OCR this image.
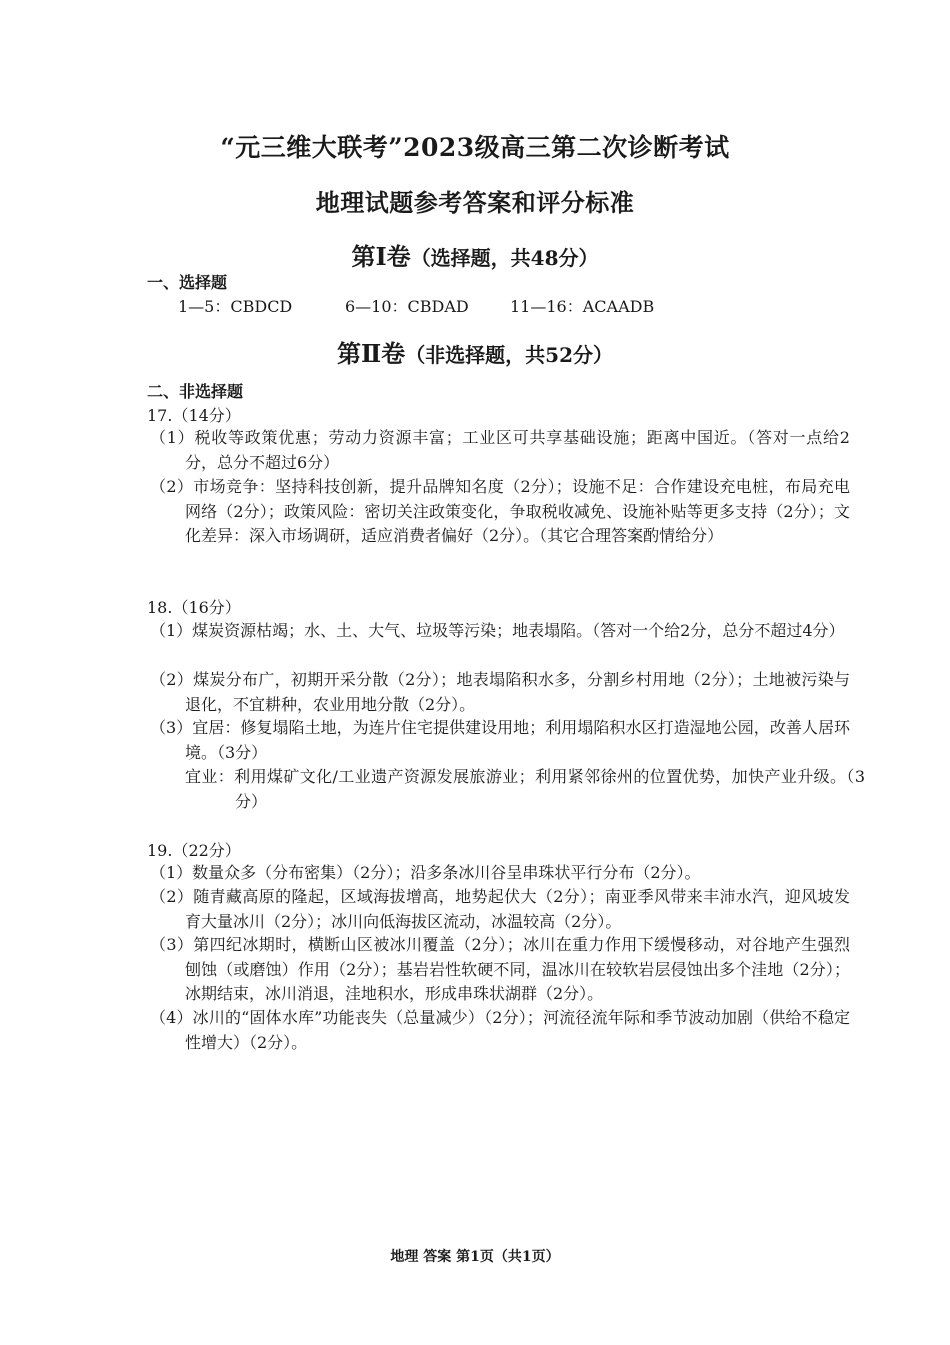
“元三维大联考”2023级高三第二次诊断考试
地理试题参考答案和评分标准
第Ⅰ卷（选择题，共48分）
一、选择题
1—5：CBDCD	6—10：CBDAD	11—16：ACAADB
第Ⅱ卷（非选择题，共52分）
二、非选择题
17.（14分）
（1）税收等政策优惠；劳动力资源丰富；工业区可共享基础设施；距离中国近。（答对一点给2分，总分不超过6分）
（2）市场竞争：坚持科技创新，提升品牌知名度（2分）；设施不足：合作建设充电桩，布局充电网络（2分）；政策风险：密切关注政策变化，争取税收减免、设施补贴等更多支持（2分）；文化差异：深入市场调研，适应消费者偏好（2分）。（其它合理答案酌情给分）
18.（16分）
（1）煤炭资源枯竭；水、土、大气、垃圾等污染；地表塌陷。（答对一个给2分，总分不超过4分）
（2）煤炭分布广，初期开采分散（2分）；地表塌陷积水多，分割乡村用地（2分）；土地被污染与退化，不宜耕种，农业用地分散（2分）。
（3）宜居：修复塌陷土地，为连片住宅提供建设用地；利用塌陷积水区打造湿地公园，改善人居环境。（3分）
宜业：利用煤矿文化/工业遗产资源发展旅游业；利用紧邻徐州的位置优势，加快产业升级。（3分）
19.（22分）
（1）数量众多（分布密集）（2分）；沿多条冰川谷呈串珠状平行分布（2分）。
（2）随青藏高原的隆起，区域海拔增高，地势起伏大（2分）；南亚季风带来丰沛水汽，迎风坡发育大量冰川（2分）；冰川向低海拔区流动，冰温较高（2分）。
（3）第四纪冰期时，横断山区被冰川覆盖（2分）；冰川在重力作用下缓慢移动，对谷地产生强烈刨蚀（或磨蚀）作用（2分）；基岩岩性软硬不同，温冰川在较软岩层侵蚀出多个洼地（2分）；冰期结束，冰川消退，洼地积水，形成串珠状湖群（2分）。
（4）冰川的“固体水库”功能丧失（总量减少）（2分）；河流径流年际和季节波动加剧（供给不稳定性增大）（2分）。
地理 答案 第1页（共1页）
